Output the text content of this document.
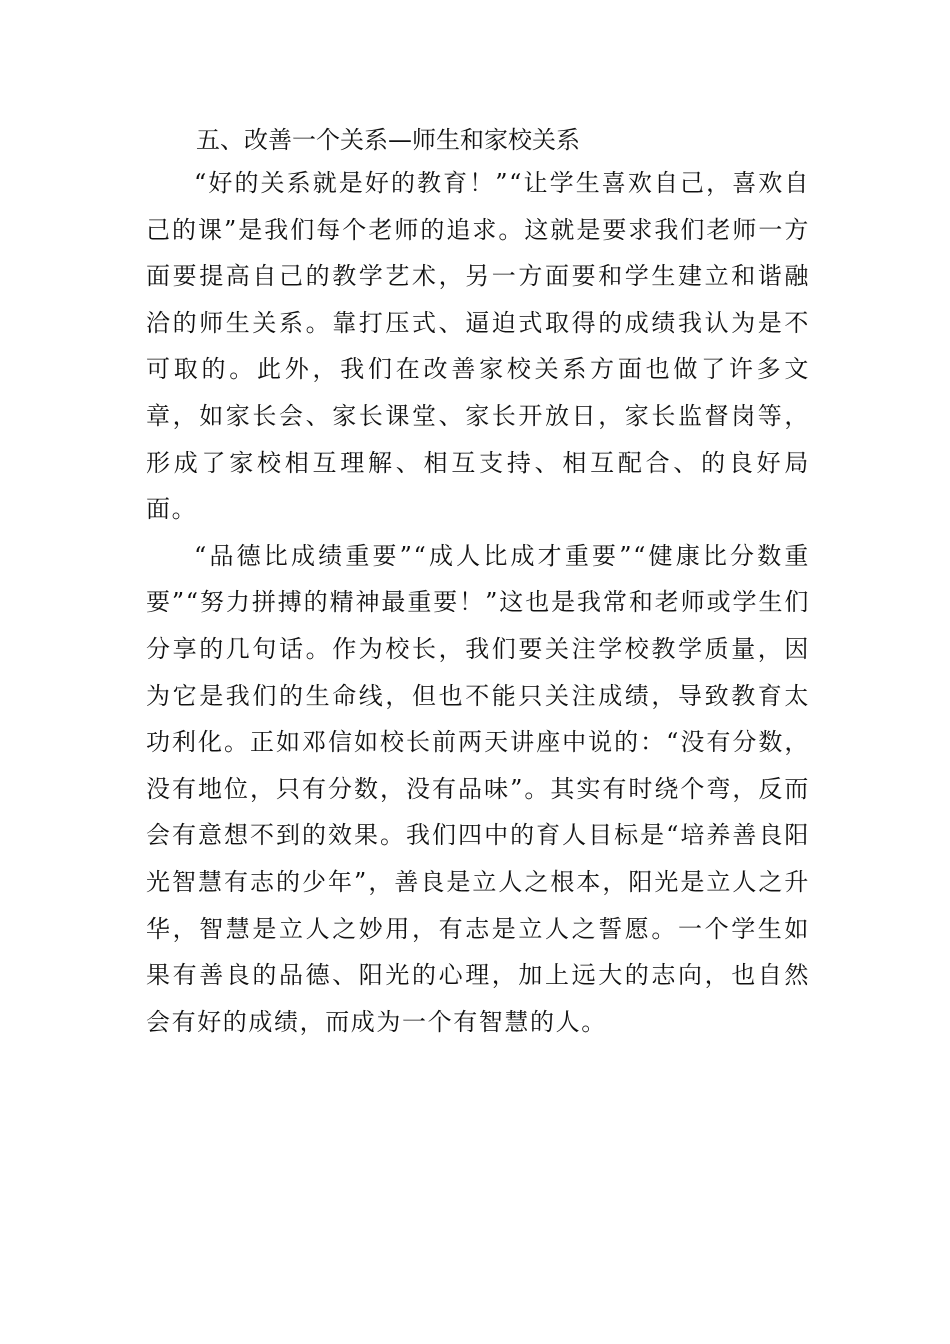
五、改善一个关系—师生和家校关系

“好的关系就是好的教育！”“让学生喜欢自己，喜欢自己的课”是我们每个老师的追求。这就是要求我们老师一方面要提高自己的教学艺术，另一方面要和学生建立和谐融洽的师生关系。靠打压式、逼迫式取得的成绩我认为是不可取的。此外，我们在改善家校关系方面也做了许多文章，如家长会、家长课堂、家长开放日，家长监督岗等，形成了家校相互理解、相互支持、相互配合、的良好局面。

“品德比成绩重要”“成人比成才重要”“健康比分数重要”“努力拼搏的精神最重要！”这也是我常和老师或学生们分享的几句话。作为校长，我们要关注学校教学质量，因为它是我们的生命线，但也不能只关注成绩，导致教育太功利化。正如邓信如校长前两天讲座中说的：“没有分数，没有地位，只有分数，没有品味”。其实有时绕个弯，反而会有意想不到的效果。我们四中的育人目标是“培养善良阳光智慧有志的少年”，善良是立人之根本，阳光是立人之升华，智慧是立人之妙用，有志是立人之誓愿。一个学生如果有善良的品德、阳光的心理，加上远大的志向，也自然会有好的成绩，而成为一个有智慧的人。
